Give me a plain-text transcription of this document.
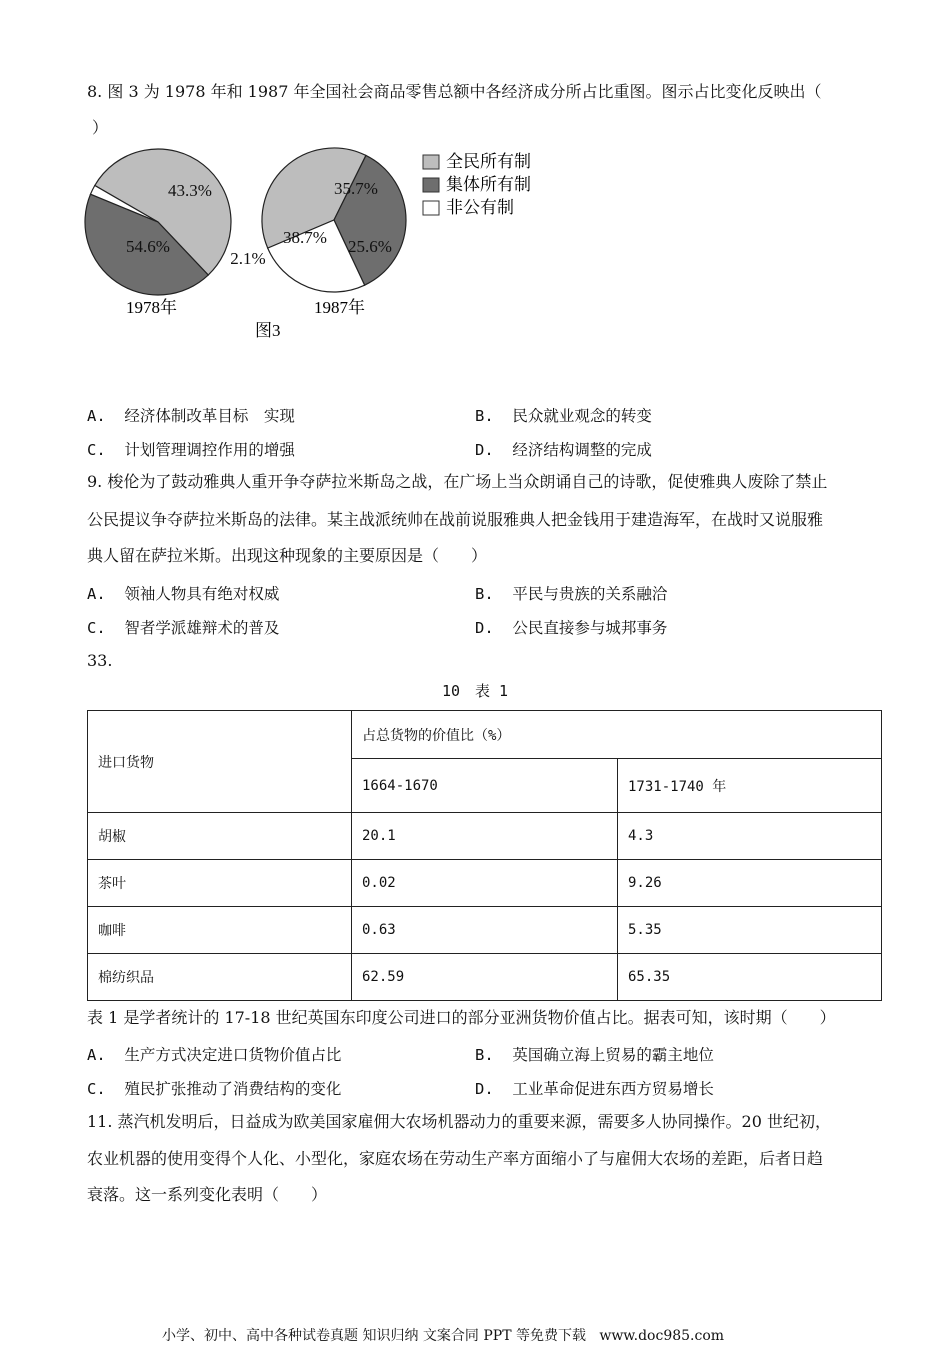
8. 图 3 为 1978 年和 1987 年全国社会商品零售总额中各经济成分所占比重图。图示占比变化反映出（
）
54.6%
43.3%
2.1%
38.7%
35.7%
25.6%
1978年	1987年
图3
全民所有制
集体所有制
非公有制
A. 经济体制改革目标　实现	B. 民众就业观念的转变
C. 计划管理调控作用的增强	D. 经济结构调整的完成
9. 梭伦为了鼓动雅典人重开争夺萨拉米斯岛之战，在广场上当众朗诵自己的诗歌，促使雅典人废除了禁止
公民提议争夺萨拉米斯岛的法律。某主战派统帅在战前说服雅典人把金钱用于建造海军，在战时又说服雅
典人留在萨拉米斯。出现这种现象的主要原因是（　　）
A. 领袖人物具有绝对权威	B. 平民与贵族的关系融洽
C. 智者学派雄辩术的普及	D. 公民直接参与城邦事务
33.
10　表 1
进口货物	占总货物的价值比（%）	
	1664-1670	1731-1740 年
胡椒	20.1	4.3
茶叶	0.02	9.26
咖啡	0.63	5.35
棉纺织品	62.59	65.35
表 1 是学者统计的 17-18 世纪英国东印度公司进口的部分亚洲货物价值占比。据表可知，该时期（　　）
A. 生产方式决定进口货物价值占比	B. 英国确立海上贸易的霸主地位
C. 殖民扩张推动了消费结构的变化	D. 工业革命促进东西方贸易增长
11. 蒸汽机发明后，日益成为欧美国家雇佣大农场机器动力的重要来源，需要多人协同操作。20 世纪初，
农业机器的使用变得个人化、小型化，家庭农场在劳动生产率方面缩小了与雇佣大农场的差距，后者日趋
衰落。这一系列变化表明（　　）
小学、初中、高中各种试卷真题 知识归纳 文案合同 PPT 等免费下载 www.doc985.com
